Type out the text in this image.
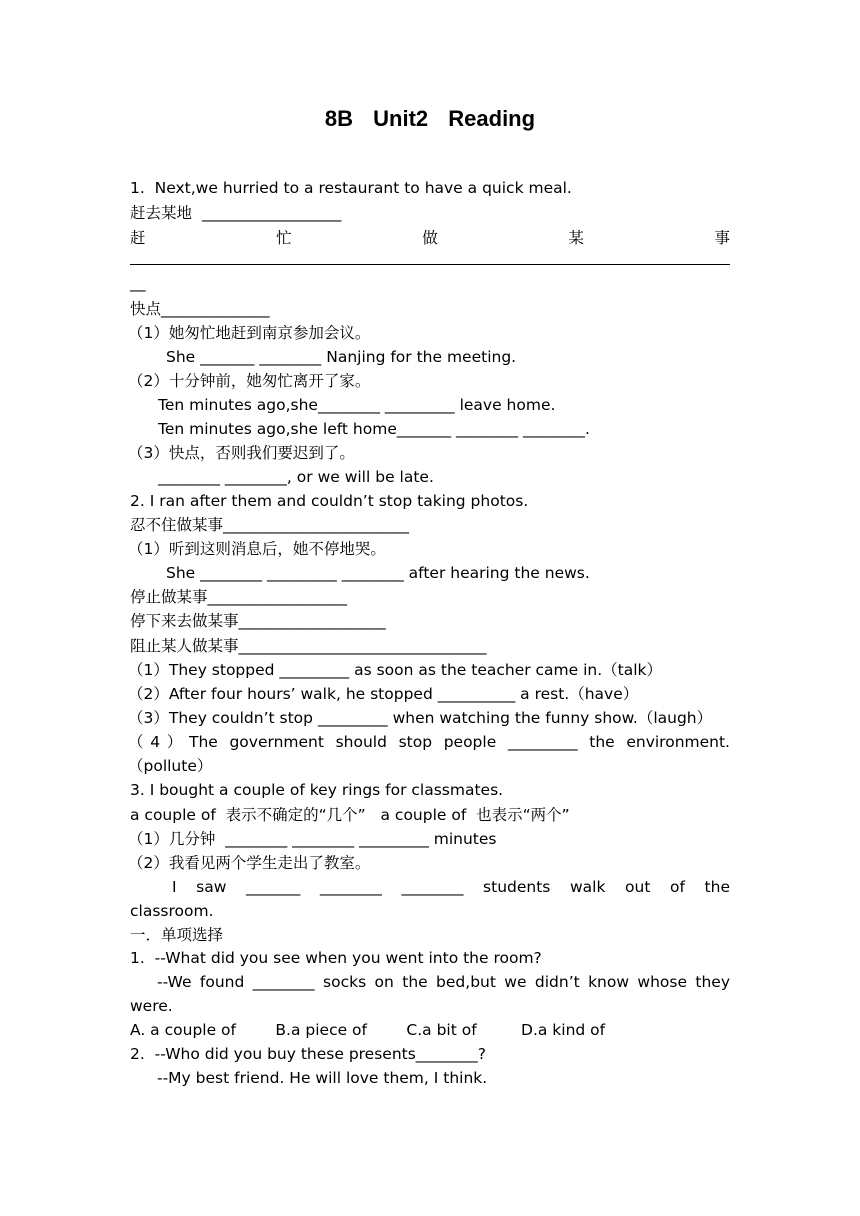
8B Unit2 Reading
1.  Next,we hurried to a restaurant to have a quick meal.
赶去某地  __________________
赶	忙	做	某	事
__
快点______________
（1）她匆忙地赶到南京参加会议。
She _______ ________ Nanjing for the meeting.
（2）十分钟前，她匆忙离开了家。
Ten minutes ago,she________ _________ leave home.
Ten minutes ago,she left home_______ ________ ________.
（3）快点，否则我们要迟到了。
________ ________, or we will be late.
2. I ran after them and couldn’t stop taking photos.
忍不住做某事________________________
（1）听到这则消息后，她不停地哭。
She ________ _________ ________ after hearing the news.
停止做某事__________________
停下来去做某事___________________
阻止某人做某事________________________________
（1）They stopped _________ as soon as the teacher came in.（talk）
（2）After four hours’ walk, he stopped __________ a rest.（have）
（3）They couldn’t stop _________ when watching the funny show.（laugh）
（4）The government should stop people _________ the environment.
（pollute）
3. I bought a couple of key rings for classmates.
a couple of  表示不确定的“几个”   a couple of  也表示“两个”
（1）几分钟  ________ ________ _________ minutes
（2）我看见两个学生走出了教室。
I saw _______ ________ ________ students walk out of the
classroom.
一．单项选择
1.  --What did you see when you went into the room?
--We found ________ socks on the bed,but we didn’t know whose they
were.
A. a couple of        B.a piece of        C.a bit of         D.a kind of
2.  --Who did you buy these presents________?
--My best friend. He will love them, I think.
